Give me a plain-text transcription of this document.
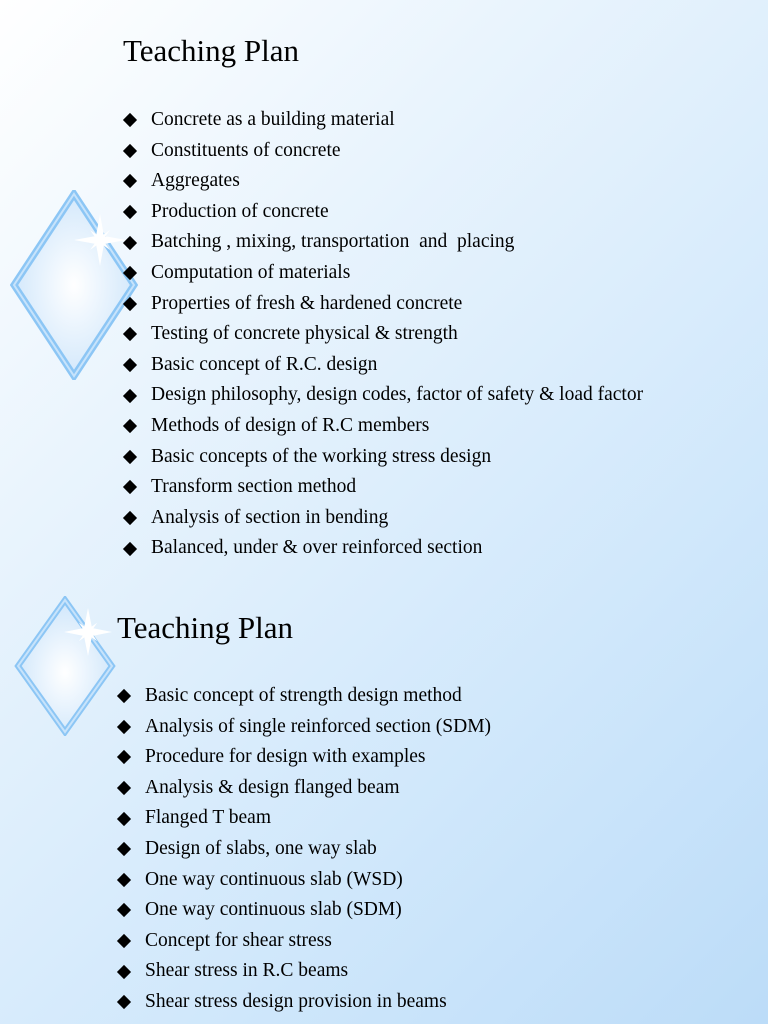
Teaching Plan
Concrete as a building material
Constituents of concrete
Aggregates
Production of concrete
Batching , mixing, transportation  and  placing
Computation of materials
Properties of fresh & hardened concrete
Testing of concrete physical & strength
Basic concept of R.C. design
Design philosophy, design codes, factor of safety & load factor
Methods of design of R.C members
Basic concepts of the working stress design
Transform section method
Analysis of section in bending
Balanced, under & over reinforced section
Teaching Plan
Basic concept of strength design method
Analysis of single reinforced section (SDM)
Procedure for design with examples
Analysis & design flanged beam
Flanged T beam
Design of slabs, one way slab
One way continuous slab (WSD)
One way continuous slab (SDM)
Concept for shear stress
Shear stress in R.C beams
Shear stress design provision in beams
